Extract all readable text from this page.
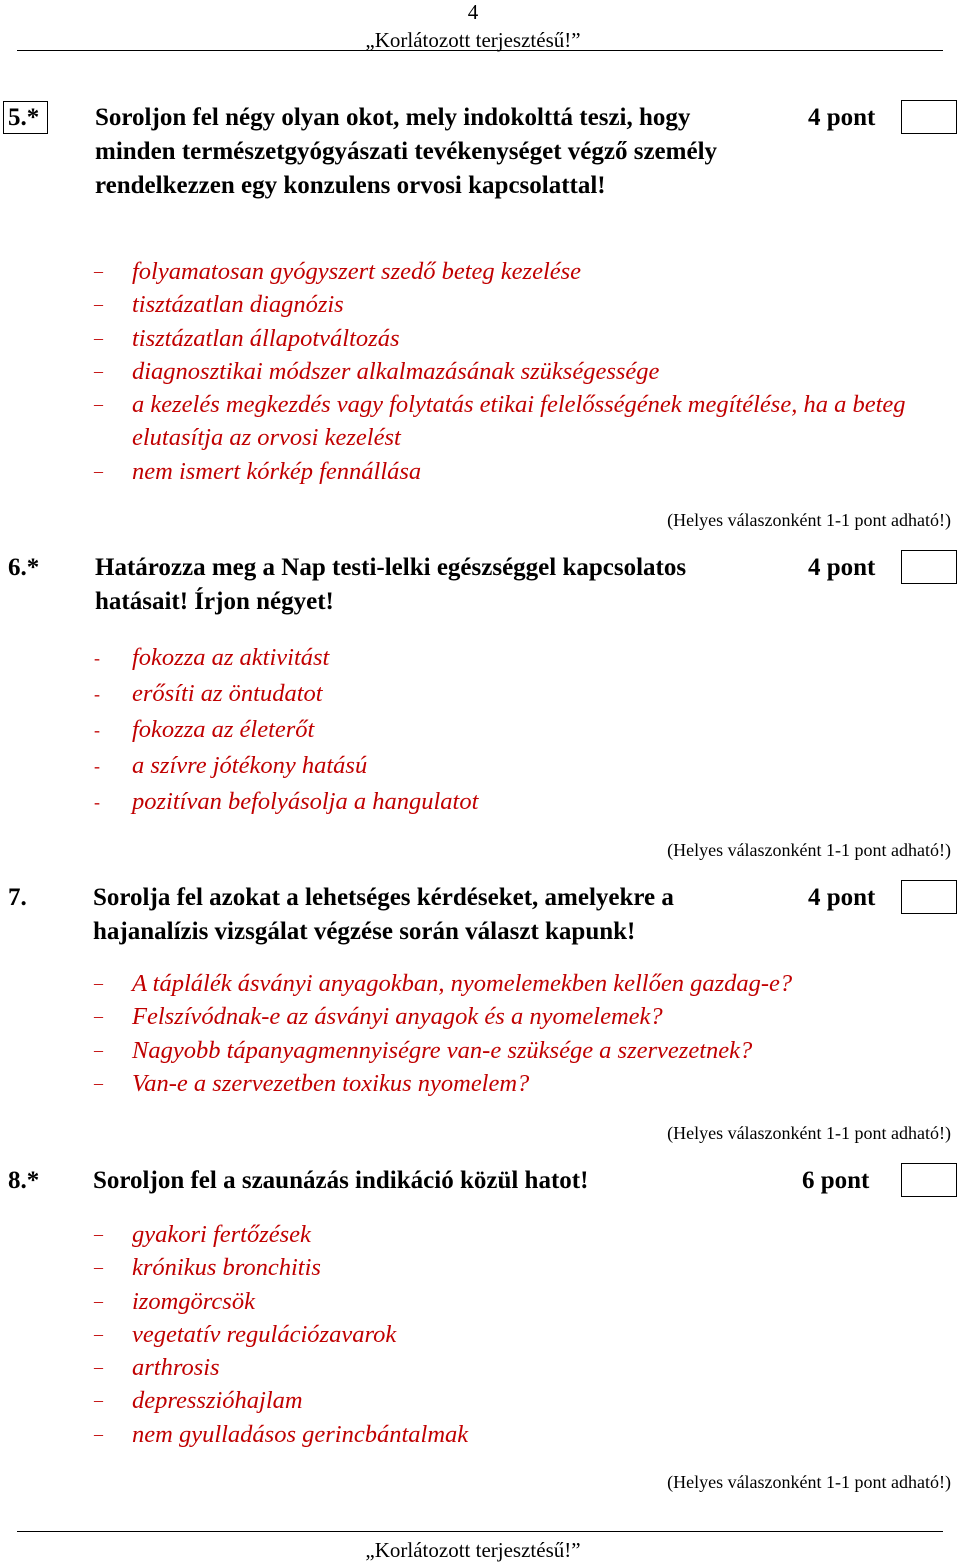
4
„Korlátozott terjesztésű!”
5.*	Soroljon fel négy olyan okot, mely indokolttá teszi, hogy minden természetgyógyászati tevékenységet végző személy rendelkezzen egy konzulens orvosi kapcsolattal!
4 pont
–	folyamatosan gyógyszert szedő beteg kezelése
–	tisztázatlan diagnózis
–	tisztázatlan állapotváltozás
–	diagnosztikai módszer alkalmazásának szükségessége
–	a kezelés megkezdés vagy folytatás etikai felelősségének megítélése, ha a beteg elutasítja az orvosi kezelést
–	nem ismert kórkép fennállása
(Helyes válaszonként 1-1 pont adható!)
6.* Határozza meg a Nap testi-lelki egészséggel kapcsolatos hatásait! Írjon négyet!
4 pont
-	fokozza az aktivitást
-	erősíti az öntudatot
-	fokozza az életerőt
-	a szívre jótékony hatású
-	pozitívan befolyásolja a hangulatot
(Helyes válaszonként 1-1 pont adható!)
7.	Sorolja fel azokat a lehetséges kérdéseket, amelyekre a hajanalízis vizsgálat végzése során választ kapunk!
4 pont
–	A táplálék ásványi anyagokban, nyomelemekben kellően gazdag-e?
–	Felszívódnak-e az ásványi anyagok és a nyomelemek?
–	Nagyobb tápanyagmennyiségre van-e szüksége a szervezetnek?
–	Van-e a szervezetben toxikus nyomelem?
(Helyes válaszonként 1-1 pont adható!)
8.* Soroljon fel a szaunázás indikáció közül hatot!	6 pont
–	gyakori fertőzések
–	krónikus bronchitis
–	izomgörcsök
–	vegetatív regulációzavarok
–	arthrosis
–	depresszióhajlam
–	nem gyulladásos gerincbántalmak
(Helyes válaszonként 1-1 pont adható!)
„Korlátozott terjesztésű!”
